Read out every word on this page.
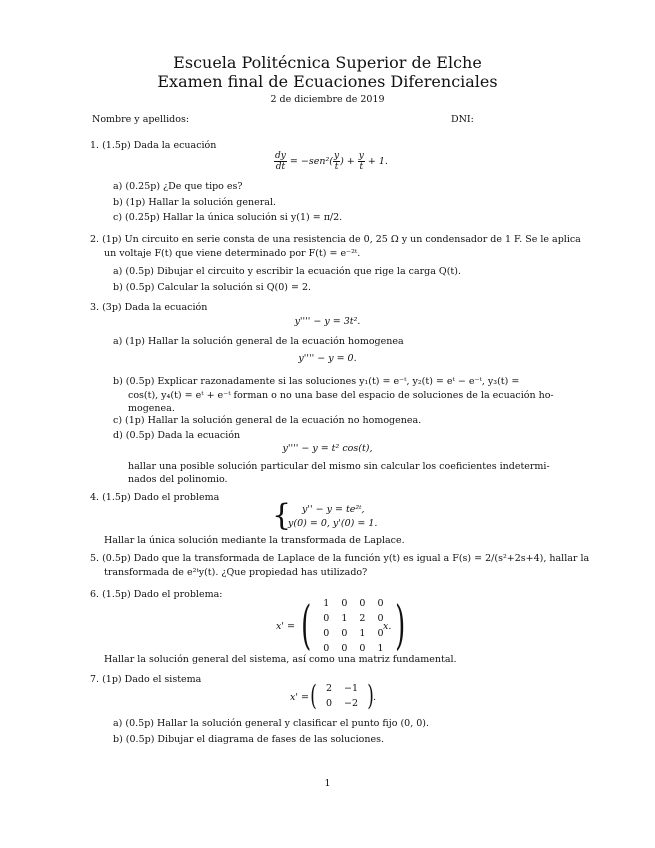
Escuela Politécnica Superior de Elche
Examen final de Ecuaciones Diferenciales
2 de diciembre de 2019
Nombre y apellidos:	DNI:
1. (1.5p) Dada la ecuación
$\frac{dy}{dt} = -sen^2( \frac{y}{t}$ ) + $\frac{y}{t} + 1$.
a) (0.25p) ¿De que tipo es?
b) (1p) Hallar la solución general.
c) (0.25p) Hallar la única solución si y(1) = π/2.
2. (1p) Un circuito en serie consta de una resistencia de 0, 25 Ω y un condensador de 1 F. Se le aplica
un voltaje F(t) que viene determinado por F(t) = e⁻²ᵗ.
a) (0.5p) Dibujar el circuito y escribir la ecuación que rige la carga Q(t).
b) (0.5p) Calcular la solución si Q(0) = 2.
3. (3p) Dada la ecuación
y'''' − y = 3t².
a) (1p) Hallar la solución general de la ecuación homogenea
y'''' − y = 0.
b) (0.5p) Explicar razonadamente si las soluciones y₁(t) = e⁻ᵗ, y₂(t) = eᵗ − e⁻ᵗ, y₃(t) =
cos(t), y₄(t) = eᵗ + e⁻ᵗ forman o no una base del espacio de soluciones de la ecuación ho-
mogenea.
c) (1p) Hallar la solución general de la ecuación no homogenea.
d) (0.5p) Dada la ecuación
y'''' − y = t² cos(t),
hallar una posible solución particular del mismo sin calcular los coeficientes indetermi-
nados del polinomio.
4. (1.5p) Dado el problema
{ y'' − y = te²ᵗ,
y(0) = 0, y'(0) = 1.
Hallar la única solución mediante la transformada de Laplace.
5. (0.5p) Dado que la transformada de Laplace de la función y(t) es igual a F(s) = 2/(s²+2s+4), hallar la
transformada de e²ᵗy(t). ¿Que propiedad has utilizado?
6. (1.5p) Dado el problema:
x' = ( 1	0	0	0
0	1	2	0
0	0	1	0
0	0	0	1 )
x.
Hallar la solución general del sistema, así como una matriz fundamental.
7. (1p) Dado el sistema
x' = ( 2	−1
0	−2 ) .
a) (0.5p) Hallar la solución general y clasificar el punto fijo (0, 0).
b) (0.5p) Dibujar el diagrama de fases de las soluciones.
1
